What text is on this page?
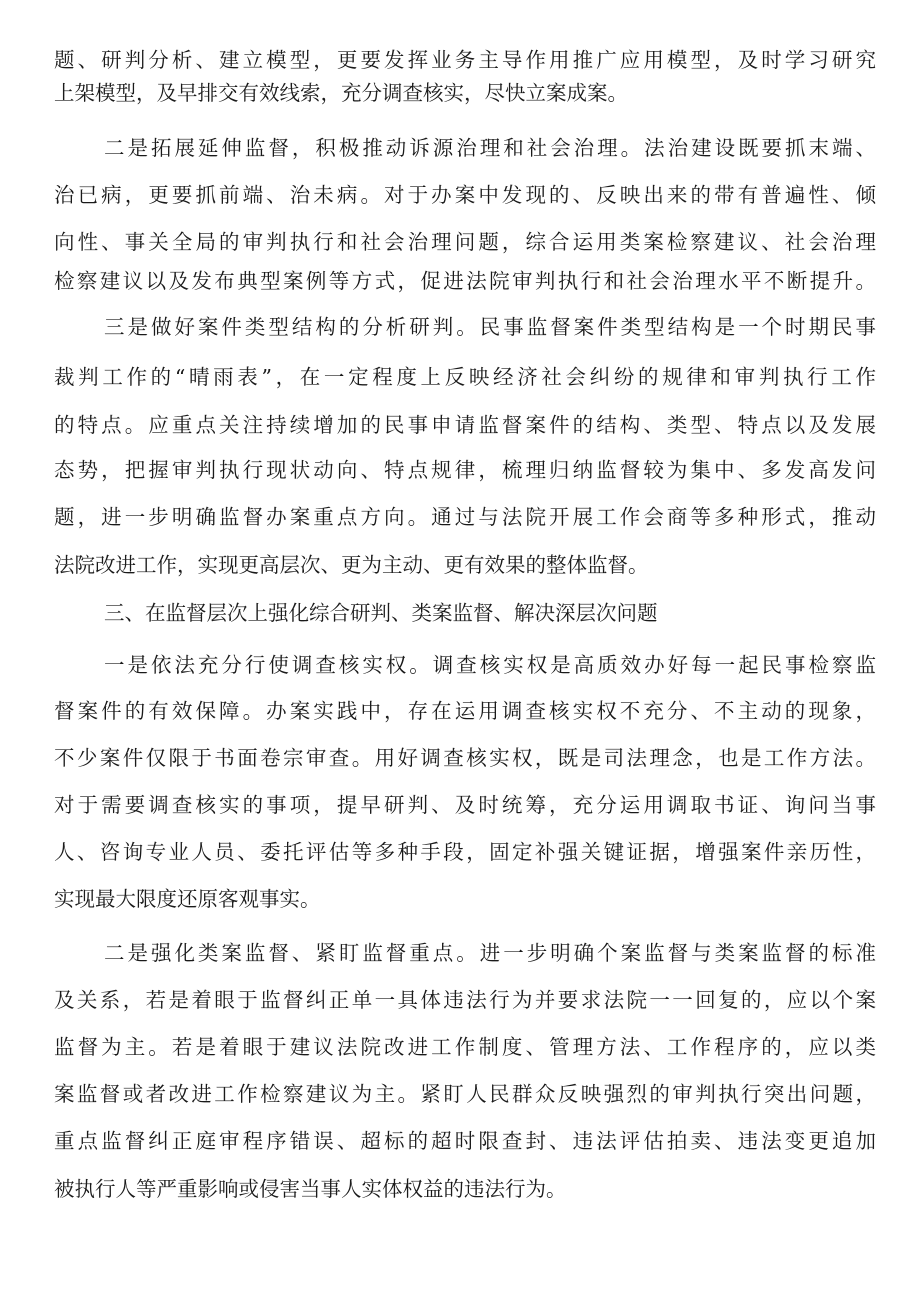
题、研判分析、建立模型，更要发挥业务主导作用推广应用模型，及时学习研究
上架模型，及早排交有效线索，充分调查核实，尽快立案成案。
二是拓展延伸监督，积极推动诉源治理和社会治理。法治建设既要抓末端、
治已病，更要抓前端、治未病。对于办案中发现的、反映出来的带有普遍性、倾
向性、事关全局的审判执行和社会治理问题，综合运用类案检察建议、社会治理
检察建议以及发布典型案例等方式，促进法院审判执行和社会治理水平不断提升。
三是做好案件类型结构的分析研判。民事监督案件类型结构是一个时期民事
裁判工作的“晴雨表”，在一定程度上反映经济社会纠纷的规律和审判执行工作
的特点。应重点关注持续增加的民事申请监督案件的结构、类型、特点以及发展
态势，把握审判执行现状动向、特点规律，梳理归纳监督较为集中、多发高发问
题，进一步明确监督办案重点方向。通过与法院开展工作会商等多种形式，推动
法院改进工作，实现更高层次、更为主动、更有效果的整体监督。
三、在监督层次上强化综合研判、类案监督、解决深层次问题
一是依法充分行使调查核实权。调查核实权是高质效办好每一起民事检察监
督案件的有效保障。办案实践中，存在运用调查核实权不充分、不主动的现象，
不少案件仅限于书面卷宗审查。用好调查核实权，既是司法理念，也是工作方法。
对于需要调查核实的事项，提早研判、及时统筹，充分运用调取书证、询问当事
人、咨询专业人员、委托评估等多种手段，固定补强关键证据，增强案件亲历性，
实现最大限度还原客观事实。
二是强化类案监督、紧盯监督重点。进一步明确个案监督与类案监督的标准
及关系，若是着眼于监督纠正单一具体违法行为并要求法院一一回复的，应以个案
监督为主。若是着眼于建议法院改进工作制度、管理方法、工作程序的，应以类
案监督或者改进工作检察建议为主。紧盯人民群众反映强烈的审判执行突出问题，
重点监督纠正庭审程序错误、超标的超时限查封、违法评估拍卖、违法变更追加
被执行人等严重影响或侵害当事人实体权益的违法行为。
